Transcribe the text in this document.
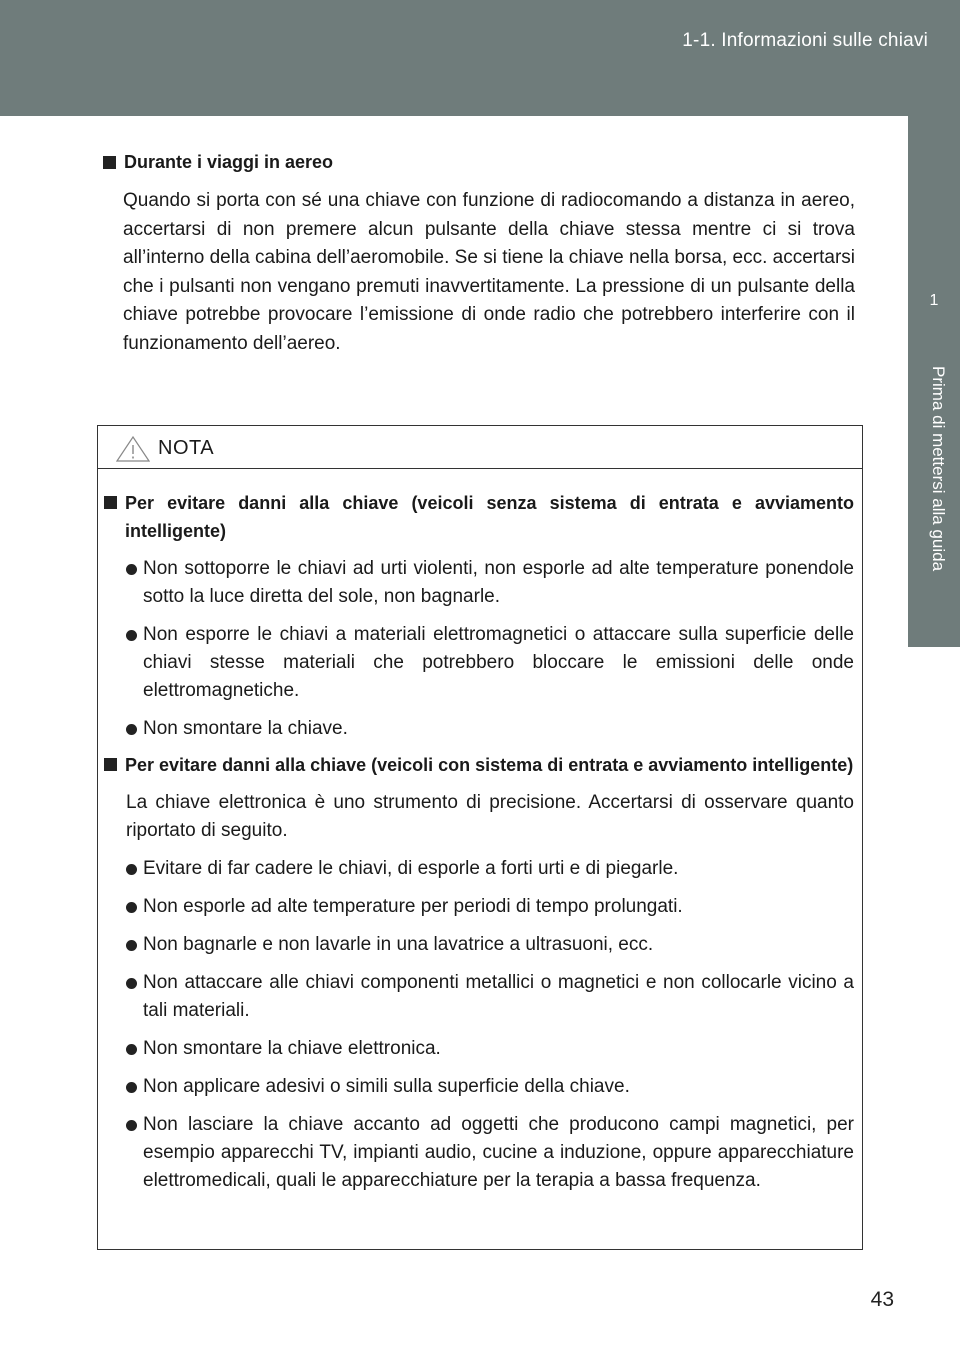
1-1. Informazioni sulle chiavi
1
Prima di mettersi alla guida
Durante i viaggi in aereo
Quando si porta con sé una chiave con funzione di radiocomando a distanza in aereo, accertarsi di non premere alcun pulsante della chiave stessa mentre ci si trova all’interno della cabina dell’aeromobile. Se si tiene la chiave nella borsa, ecc. accertarsi che i pulsanti non vengano premuti inavvertitamente. La pressione di un pulsante della chiave potrebbe provocare l’emissione di onde radio che potrebbero interferire con il funzionamento dell’aereo.
NOTA
Per evitare danni alla chiave (veicoli senza sistema di entrata e avviamento intelligente)
Non sottoporre le chiavi ad urti violenti, non esporle ad alte temperature ponendole sotto la luce diretta del sole, non bagnarle.
Non esporre le chiavi a materiali elettromagnetici o attaccare sulla superficie delle chiavi stesse materiali che potrebbero bloccare le emissioni delle onde elettromagnetiche.
Non smontare la chiave.
Per evitare danni alla chiave (veicoli con sistema di entrata e avviamento intelligente)
La chiave elettronica è uno strumento di precisione. Accertarsi di osservare quanto riportato di seguito.
Evitare di far cadere le chiavi, di esporle a forti urti e di piegarle.
Non esporle ad alte temperature per periodi di tempo prolungati.
Non bagnarle e non lavarle in una lavatrice a ultrasuoni, ecc.
Non attaccare alle chiavi componenti metallici o magnetici e non collocarle vicino a tali materiali.
Non smontare la chiave elettronica.
Non applicare adesivi o simili sulla superficie della chiave.
Non lasciare la chiave accanto ad oggetti che producono campi magnetici, per esempio apparecchi TV, impianti audio, cucine a induzione, oppure apparecchiature elettromedicali, quali le apparecchiature per la terapia a bassa frequenza.
43
